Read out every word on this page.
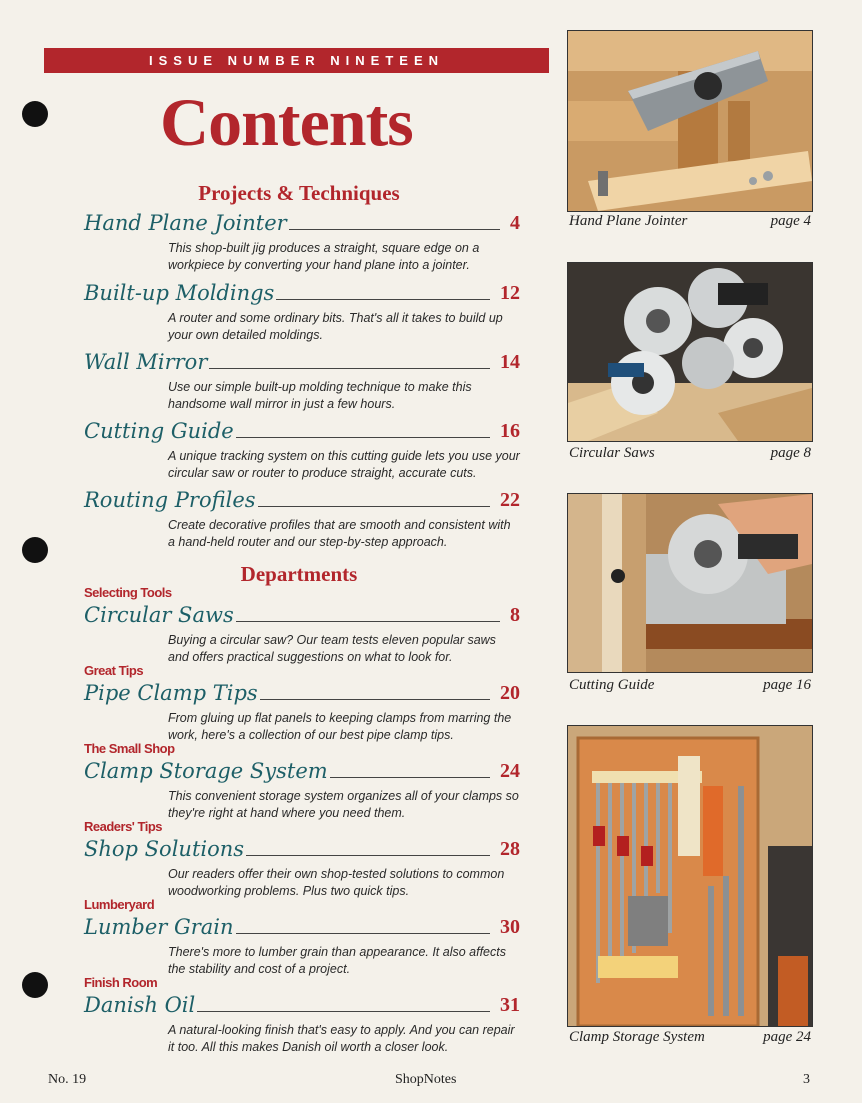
ISSUE NUMBER NINETEEN
Contents
Projects & Techniques
Hand Plane Jointer	4
This shop-built jig produces a straight, square edge on a workpiece by converting your hand plane into a jointer.
Built-up Moldings	12
A router and some ordinary bits. That's all it takes to build up your own detailed moldings.
Wall Mirror	14
Use our simple built-up molding technique to make this handsome wall mirror in just a few hours.
Cutting Guide	16
A unique tracking system on this cutting guide lets you use your circular saw or router to produce straight, accurate cuts.
Routing Profiles	22
Create decorative profiles that are smooth and consistent with a hand-held router and our step-by-step approach.
Departments
Selecting Tools
Circular Saws	8
Buying a circular saw? Our team tests eleven popular saws and offers practical suggestions on what to look for.
Great Tips
Pipe Clamp Tips	20
From gluing up flat panels to keeping clamps from marring the work, here's a collection of our best pipe clamp tips.
The Small Shop
Clamp Storage System	24
This convenient storage system organizes all of your clamps so they're right at hand where you need them.
Readers' Tips
Shop Solutions	28
Our readers offer their own shop-tested solutions to common woodworking problems. Plus two quick tips.
Lumberyard
Lumber Grain	30
There's more to lumber grain than appearance. It also affects the stability and cost of a project.
Finish Room
Danish Oil	31
A natural-looking finish that's easy to apply. And you can repair it too. All this makes Danish oil worth a closer look.
Hand Plane Jointer	page 4
Circular Saws	page 8
Cutting Guide	page 16
Clamp Storage System	page 24
No. 19	ShopNotes	3
